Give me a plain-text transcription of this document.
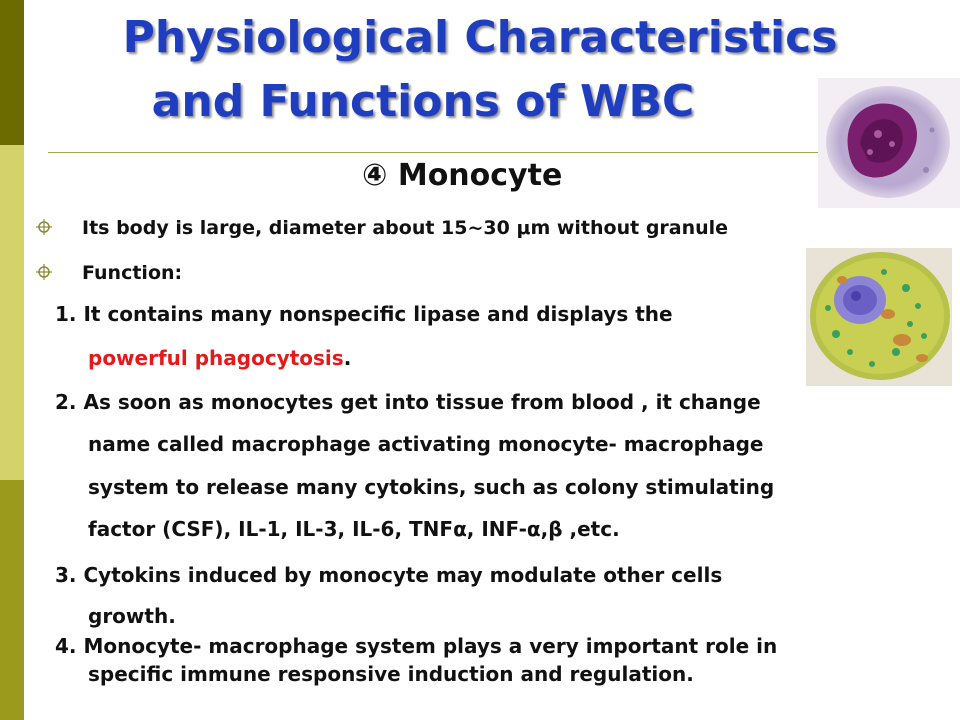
Physiological Characteristics
and Functions of WBC
④ Monocyte
Its body is large, diameter about 15~30 μm without granule
Function:

1. It contains many nonspecific lipase and displays the

powerful phagocytosis.

2. As soon as monocytes get into tissue from blood , it change

name called macrophage activating monocyte- macrophage

system to release many cytokins, such as colony stimulating

factor (CSF), IL-1, IL-3, IL-6, TNFα, INF-α,β ,etc.

3. Cytokins induced by monocyte may modulate other cells

growth.

4. Monocyte- macrophage system plays a very important role in

specific immune responsive induction and regulation.
